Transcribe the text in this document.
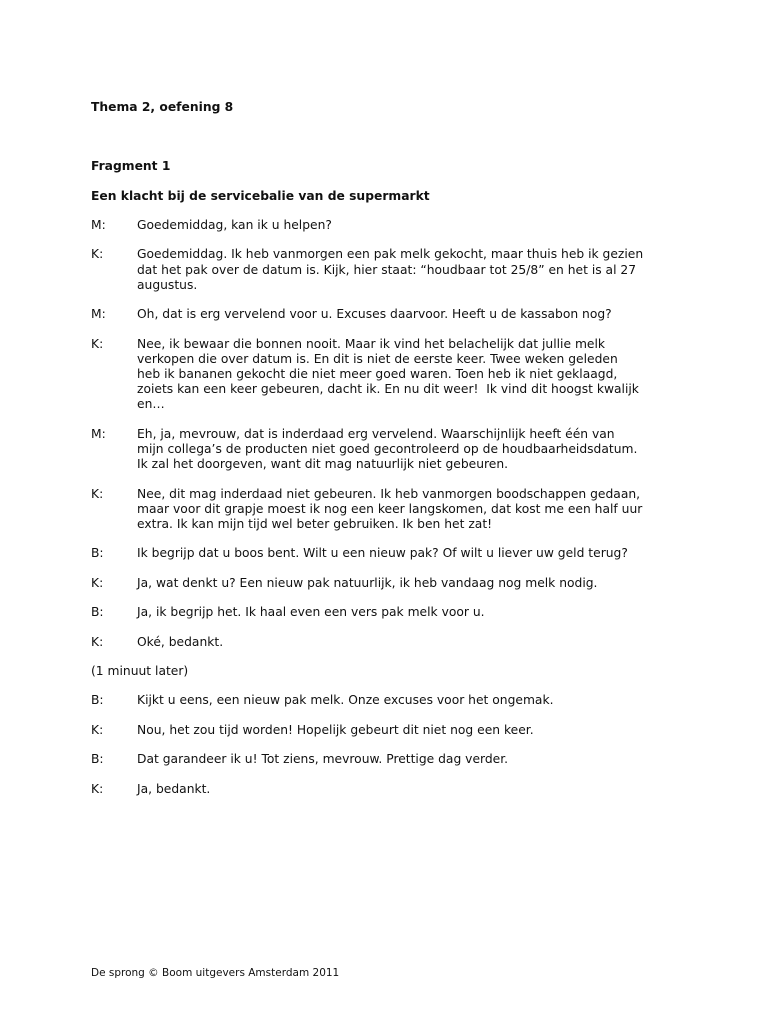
Thema 2, oefening 8
Fragment 1
Een klacht bij de servicebalie van de supermarkt
M:	Goedemiddag, kan ik u helpen?
K:	Goedemiddag. Ik heb vanmorgen een pak melk gekocht, maar thuis heb ik gezien
dat het pak over de datum is. Kijk, hier staat: “houdbaar tot 25/8” en het is al 27
augustus.
M:	Oh, dat is erg vervelend voor u. Excuses daarvoor. Heeft u de kassabon nog?
K:	Nee, ik bewaar die bonnen nooit. Maar ik vind het belachelijk dat jullie melk
verkopen die over datum is. En dit is niet de eerste keer. Twee weken geleden
heb ik bananen gekocht die niet meer goed waren. Toen heb ik niet geklaagd,
zoiets kan een keer gebeuren, dacht ik. En nu dit weer!  Ik vind dit hoogst kwalijk
en…
M:	Eh, ja, mevrouw, dat is inderdaad erg vervelend. Waarschijnlijk heeft één van
mijn collega’s de producten niet goed gecontroleerd op de houdbaarheidsdatum.
Ik zal het doorgeven, want dit mag natuurlijk niet gebeuren.
K:	Nee, dit mag inderdaad niet gebeuren. Ik heb vanmorgen boodschappen gedaan,
maar voor dit grapje moest ik nog een keer langskomen, dat kost me een half uur
extra. Ik kan mijn tijd wel beter gebruiken. Ik ben het zat!
B:	Ik begrijp dat u boos bent. Wilt u een nieuw pak? Of wilt u liever uw geld terug?
K:	Ja, wat denkt u? Een nieuw pak natuurlijk, ik heb vandaag nog melk nodig.
B:	Ja, ik begrijp het. Ik haal even een vers pak melk voor u.
K:	Oké, bedankt.
(1 minuut later)
B:	Kijkt u eens, een nieuw pak melk. Onze excuses voor het ongemak.
K:	Nou, het zou tijd worden! Hopelijk gebeurt dit niet nog een keer.
B:	Dat garandeer ik u! Tot ziens, mevrouw. Prettige dag verder.
K:	Ja, bedankt.
De sprong © Boom uitgevers Amsterdam 2011
